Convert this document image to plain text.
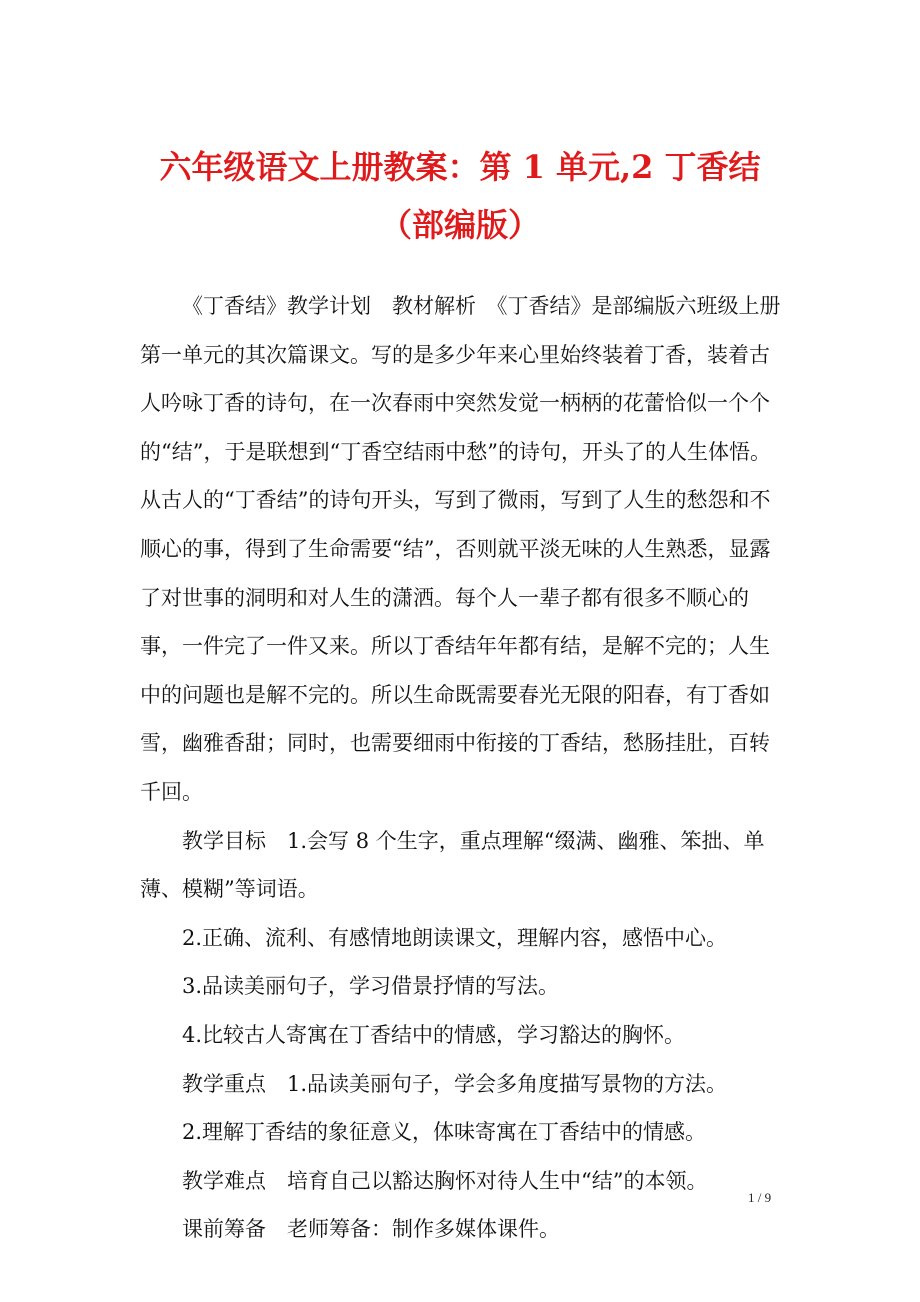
六年级语文上册教案：第 1 单元,2 丁香结
（部编版）

《丁香结》教学计划　教材解析　《丁香结》是部编版六班级上册第一单元的其次篇课文。写的是多少年来心里始终装着丁香，装着古人吟咏丁香的诗句，在一次春雨中突然发觉一柄柄的花蕾恰似一个个的“结”，于是联想到“丁香空结雨中愁”的诗句，开头了的人生体悟。从古人的“丁香结”的诗句开头，写到了微雨，写到了人生的愁怨和不顺心的事，得到了生命需要“结”，否则就平淡无味的人生熟悉，显露了对世事的洞明和对人生的潇洒。每个人一辈子都有很多不顺心的事，一件完了一件又来。所以丁香结年年都有结，是解不完的；人生中的问题也是解不完的。所以生命既需要春光无限的阳春，有丁香如雪，幽雅香甜；同时，也需要细雨中衔接的丁香结，愁肠挂肚，百转千回。

教学目标　1.会写 8 个生字，重点理解“缀满、幽雅、笨拙、单薄、模糊”等词语。

2.正确、流利、有感情地朗读课文，理解内容，感悟中心。

3.品读美丽句子，学习借景抒情的写法。

4.比较古人寄寓在丁香结中的情感，学习豁达的胸怀。

教学重点　1.品读美丽句子，学会多角度描写景物的方法。

2.理解丁香结的象征意义，体味寄寓在丁香结中的情感。

教学难点　培育自己以豁达胸怀对待人生中“结”的本领。

课前筹备　老师筹备：制作多媒体课件。

1 / 9
